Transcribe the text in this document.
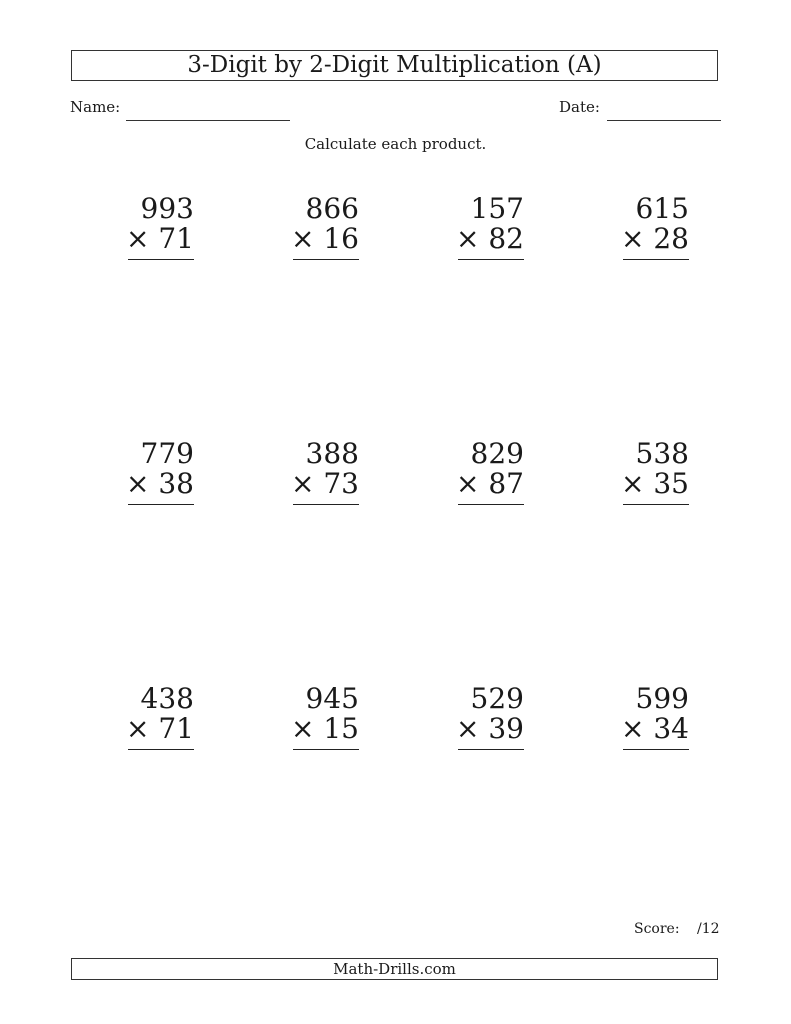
3-Digit by 2-Digit Multiplication (A)
Name:	Date:
Calculate each product.
993
× 71
866
× 16
157
× 82
615
× 28
779
× 38
388
× 73
829
× 87
538
× 35
438
× 71
945
× 15
529
× 39
599
× 34
Score: /12
Math-Drills.com
